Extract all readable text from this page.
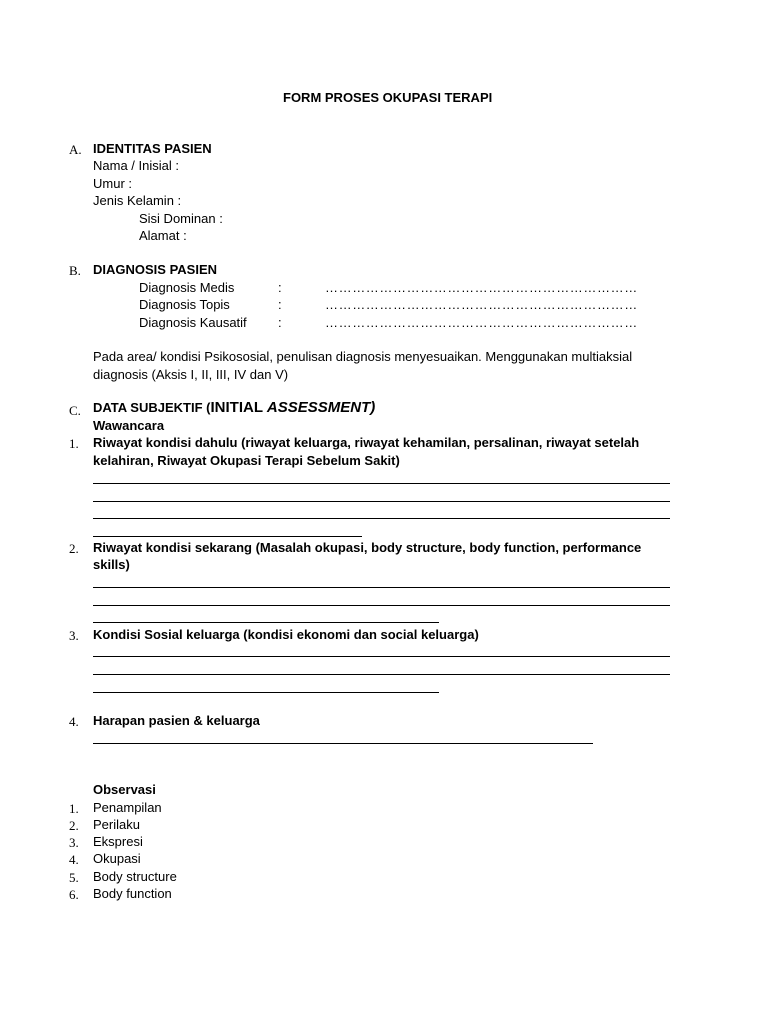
FORM PROSES OKUPASI TERAPI
A. IDENTITAS PASIEN
Nama / Inisial :
Umur :
Jenis Kelamin :
Sisi Dominan :
Alamat :
B. DIAGNOSIS PASIEN
Diagnosis Medis	:	……………………………………………………………
Diagnosis Topis	:	……………………………………………………………
Diagnosis Kausatif :	……………………………………………………………
Pada area/ kondisi Psikososial, penulisan diagnosis menyesuaikan. Menggunakan multiaksial
diagnosis (Aksis I, II, III, IV dan V)
C. DATA SUBJEKTIF (INITIAL ASSESSMENT)
Wawancara
1. Riwayat kondisi dahulu (riwayat keluarga, riwayat kehamilan, persalinan, riwayat setelah
kelahiran, Riwayat Okupasi Terapi Sebelum Sakit)
2. Riwayat kondisi sekarang (Masalah okupasi, body structure, body function, performance
skills)
3. Kondisi Sosial keluarga (kondisi ekonomi dan social keluarga)
4. Harapan pasien & keluarga
Observasi
1. Penampilan
2. Perilaku
3. Ekspresi
4. Okupasi
5. Body structure
6. Body function
